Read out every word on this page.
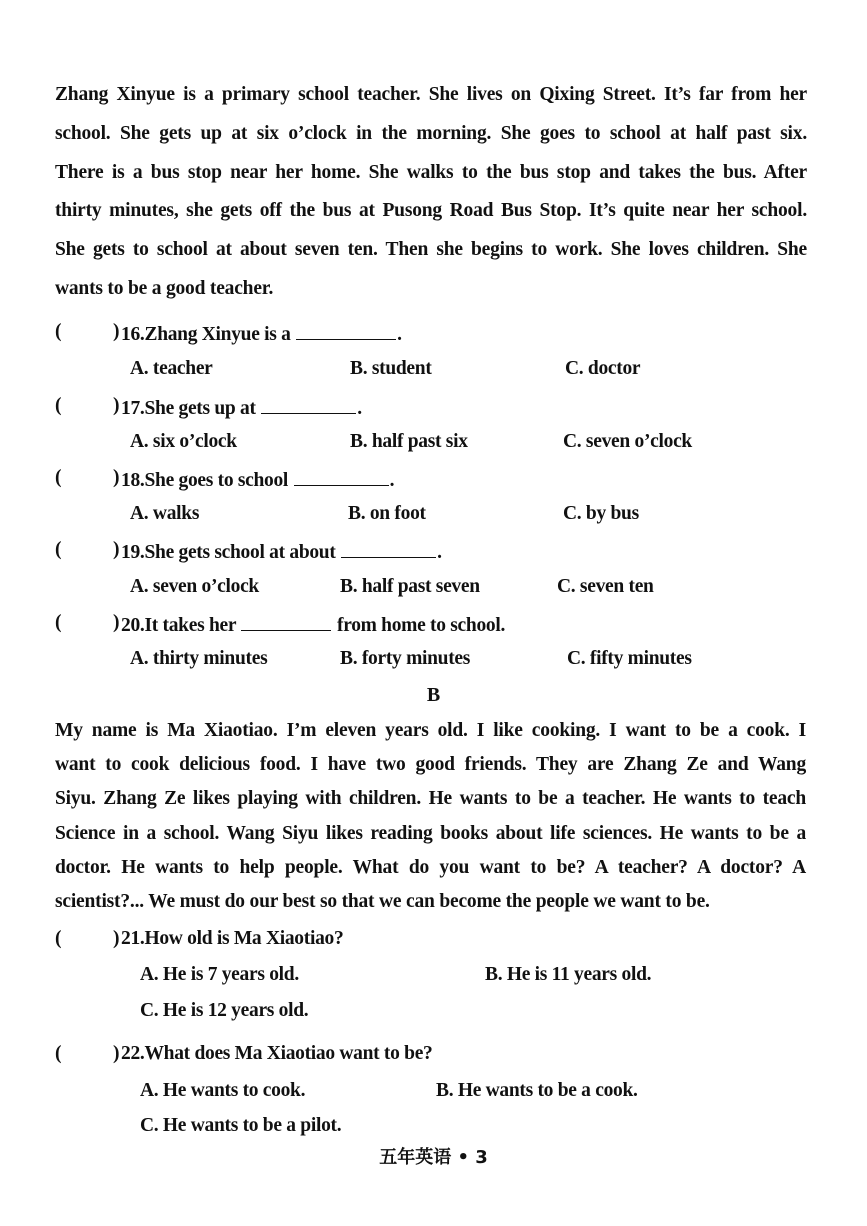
Zhang Xinyue is a primary school teacher. She lives on Qixing Street. It’s far from her
school. She gets up at six o’clock in the morning. She goes to school at half past six.
There is a bus stop near her home. She walks to the bus stop and takes the bus. After
thirty minutes, she gets off the bus at Pusong Road Bus Stop. It’s quite near her school.
She gets to school at about seven ten. Then she begins to work. She loves children. She
wants to be a good teacher.
(	) 16.Zhang Xinyue is a	.
A. teacher	B. student	C. doctor
(	) 17.She gets up at	.
A. six o’clock	B. half past six	C. seven o’clock
(	) 18.She goes to school	.
A. walks	B. on foot	C. by bus
(	) 19.She gets school at about	.
A. seven o’clock	B. half past seven	C. seven ten
(	) 20.It takes her	from home to school.
A. thirty minutes	B. forty minutes	C. fifty minutes
B
My name is Ma Xiaotiao. I’m eleven years old. I like cooking. I want to be a cook. I
want to cook delicious food. I have two good friends. They are Zhang Ze and Wang
Siyu. Zhang Ze likes playing with children. He wants to be a teacher. He wants to teach
Science in a school. Wang Siyu likes reading books about life sciences. He wants to be a
doctor. He wants to help people. What do you want to be? A teacher? A doctor? A
scientist?... We must do our best so that we can become the people we want to be.
(	) 21.How old is Ma Xiaotiao?
A. He is 7 years old.	B. He is 11 years old.
C. He is 12 years old.
(	) 22.What does Ma Xiaotiao want to be?
A. He wants to cook.	B. He wants to be a cook.
C. He wants to be a pilot.
五年英语 • 3
